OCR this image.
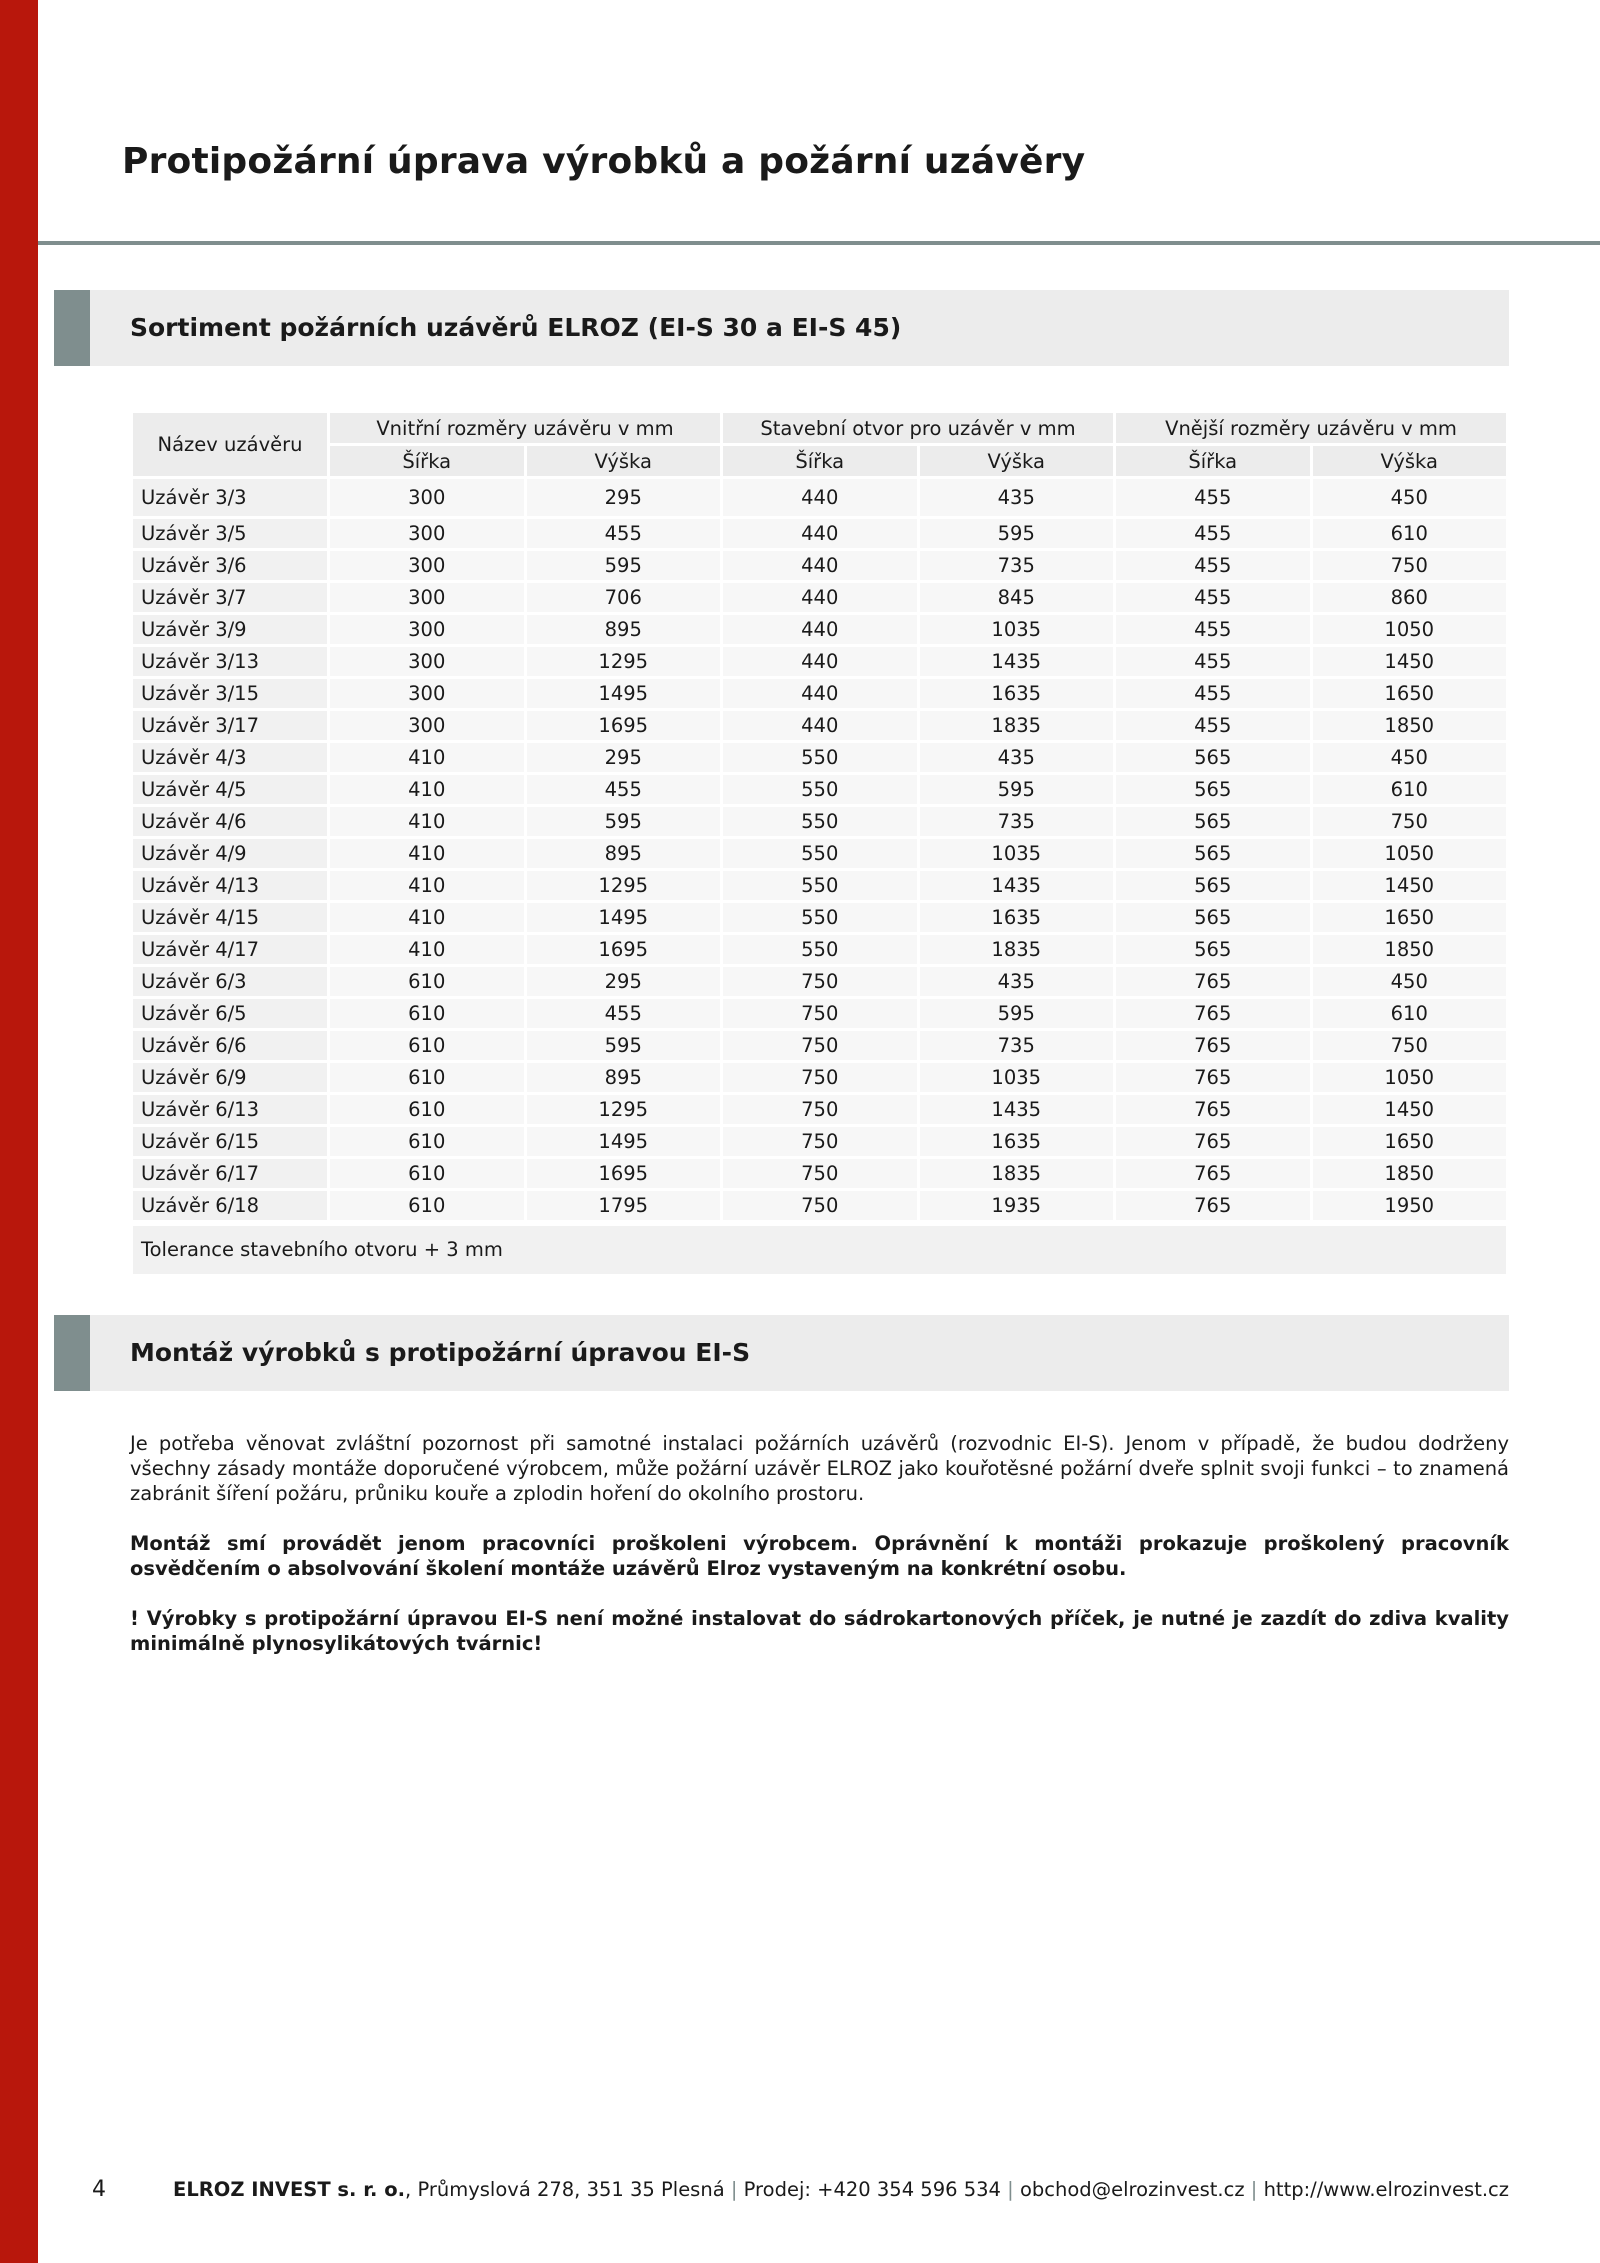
Protipožární úprava výrobků a požární uzávěry
Sortiment požárních uzávěrů ELROZ (EI-S 30 a EI-S 45)
Název uzávěru	Vnitřní rozměry uzávěru v mm		Stavební otvor pro uzávěr v mm		Vnější rozměry uzávěru v mm	
	Šířka	Výška	Šířka	Výška	Šířka	Výška
Uzávěr 3/3	300	295	440	435	455	450
Uzávěr 3/5	300	455	440	595	455	610
Uzávěr 3/6	300	595	440	735	455	750
Uzávěr 3/7	300	706	440	845	455	860
Uzávěr 3/9	300	895	440	1035	455	1050
Uzávěr 3/13	300	1295	440	1435	455	1450
Uzávěr 3/15	300	1495	440	1635	455	1650
Uzávěr 3/17	300	1695	440	1835	455	1850
Uzávěr 4/3	410	295	550	435	565	450
Uzávěr 4/5	410	455	550	595	565	610
Uzávěr 4/6	410	595	550	735	565	750
Uzávěr 4/9	410	895	550	1035	565	1050
Uzávěr 4/13	410	1295	550	1435	565	1450
Uzávěr 4/15	410	1495	550	1635	565	1650
Uzávěr 4/17	410	1695	550	1835	565	1850
Uzávěr 6/3	610	295	750	435	765	450
Uzávěr 6/5	610	455	750	595	765	610
Uzávěr 6/6	610	595	750	735	765	750
Uzávěr 6/9	610	895	750	1035	765	1050
Uzávěr 6/13	610	1295	750	1435	765	1450
Uzávěr 6/15	610	1495	750	1635	765	1650
Uzávěr 6/17	610	1695	750	1835	765	1850
Uzávěr 6/18	610	1795	750	1935	765	1950
Tolerance stavebního otvoru + 3 mm
Montáž výrobků s protipožární úpravou EI-S

Je potřeba věnovat zvláštní pozornost při samotné instalaci požárních uzávěrů (rozvodnic EI-S). Jenom v případě, že budou dodrženy všechny zásady montáže doporučené výrobcem, může požární uzávěr ELROZ jako kouřotěsné požární dveře splnit svoji funkci – to znamená zabránit šíření požáru, průniku kouře a zplodin hoření do okolního prostoru.

Montáž smí provádět jenom pracovníci proškoleni výrobcem. Oprávnění k montáži prokazuje proškolený pracovník osvědčením o absolvování školení montáže uzávěrů Elroz vystaveným na konkrétní osobu.

! Výrobky s protipožární úpravou EI-S není možné instalovat do sádrokartonových příček, je nutné je zazdít do zdiva kvality minimálně plynosylikátových tvárnic!

4	ELROZ INVEST s. r. o., Průmyslová 278, 351 35 Plesná | Prodej: +420 354 596 534 | obchod@elrozinvest.cz | http://www.elrozinvest.cz
